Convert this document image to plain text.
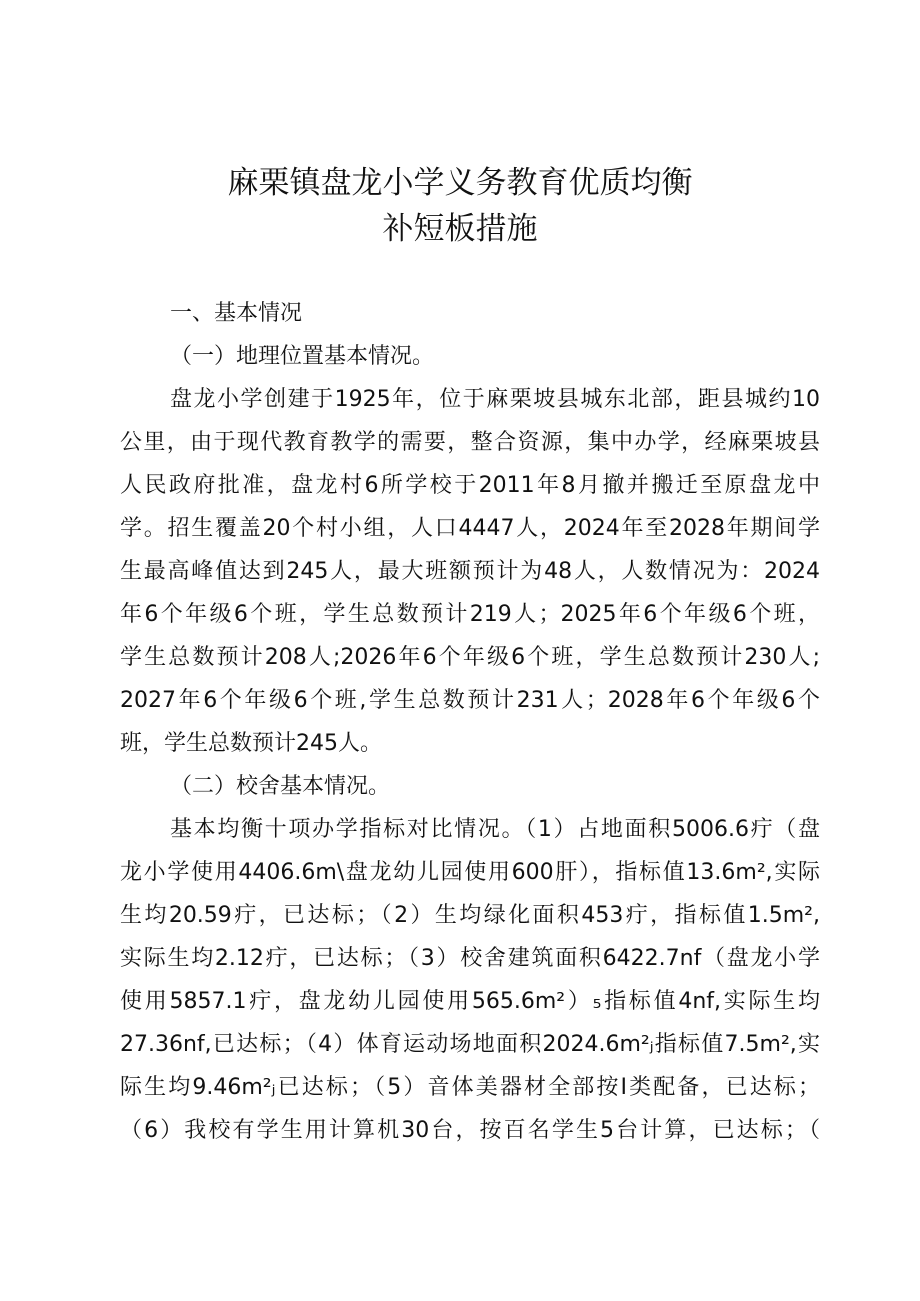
麻栗镇盘龙小学义务教育优质均衡
补短板措施
一、基本情况
（一）地理位置基本情况。
盘龙小学创建于1925年，位于麻栗坡县城东北部，距县城约10
公里，由于现代教育教学的需要，整合资源，集中办学，经麻栗坡县
人民政府批准，盘龙村6所学校于2011年8月撤并搬迁至原盘龙中
学。招生覆盖20个村小组，人口4447人，2024年至2028年期间学
生最高峰值达到245人，最大班额预计为48人，人数情况为：2024
年6个年级6个班，学生总数预计219人；2025年6个年级6个班，
学生总数预计208人;2026年6个年级6个班，学生总数预计230人;
2027年6个年级6个班,学生总数预计231人；2028年6个年级6个
班，学生总数预计245人。
（二）校舍基本情况。
基本均衡十项办学指标对比情况。（1）占地面积5006.6疔（盘
龙小学使用4406.6m\盘龙幼儿园使用600肝），指标值13.6m²,实际
生均20.59疔，已达标；（2）生均绿化面积453疔，指标值1.5m²,
实际生均2.12疔，已达标；（3）校舍建筑面积6422.7nf（盘龙小学
使用5857.1疔，盘龙幼儿园使用565.6m²）₅指标值4nf,实际生均
27.36nf,已达标；（4）体育运动场地面积2024.6m²ⱼ指标值7.5m²,实
际生均9.46m²ⱼ已达标；（5）音体美器材全部按I类配备，已达标；
（6）我校有学生用计算机30台，按百名学生5台计算，已达标；（
